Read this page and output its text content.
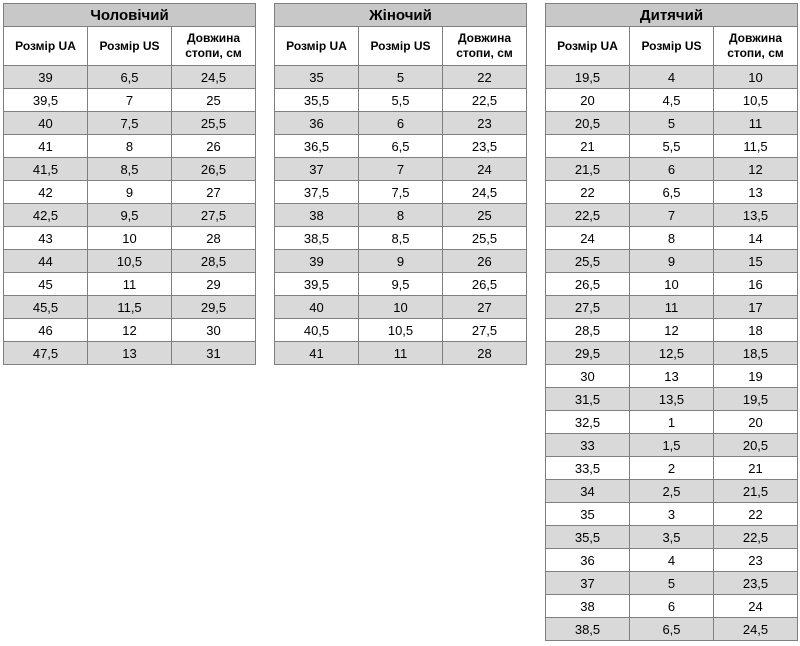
Чоловічий		
Розмір UA	Розмір US	Довжина стопи, см
39	6,5	24,5
39,5	7	25
40	7,5	25,5
41	8	26
41,5	8,5	26,5
42	9	27
42,5	9,5	27,5
43	10	28
44	10,5	28,5
45	11	29
45,5	11,5	29,5
46	12	30
47,5	13	31
Жіночий		
Розмір UA	Розмір US	Довжина стопи, см
35	5	22
35,5	5,5	22,5
36	6	23
36,5	6,5	23,5
37	7	24
37,5	7,5	24,5
38	8	25
38,5	8,5	25,5
39	9	26
39,5	9,5	26,5
40	10	27
40,5	10,5	27,5
41	11	28
Дитячий		
Розмір UA	Розмір US	Довжина стопи, см
19,5	4	10
20	4,5	10,5
20,5	5	11
21	5,5	11,5
21,5	6	12
22	6,5	13
22,5	7	13,5
24	8	14
25,5	9	15
26,5	10	16
27,5	11	17
28,5	12	18
29,5	12,5	18,5
30	13	19
31,5	13,5	19,5
32,5	1	20
33	1,5	20,5
33,5	2	21
34	2,5	21,5
35	3	22
35,5	3,5	22,5
36	4	23
37	5	23,5
38	6	24
38,5	6,5	24,5
